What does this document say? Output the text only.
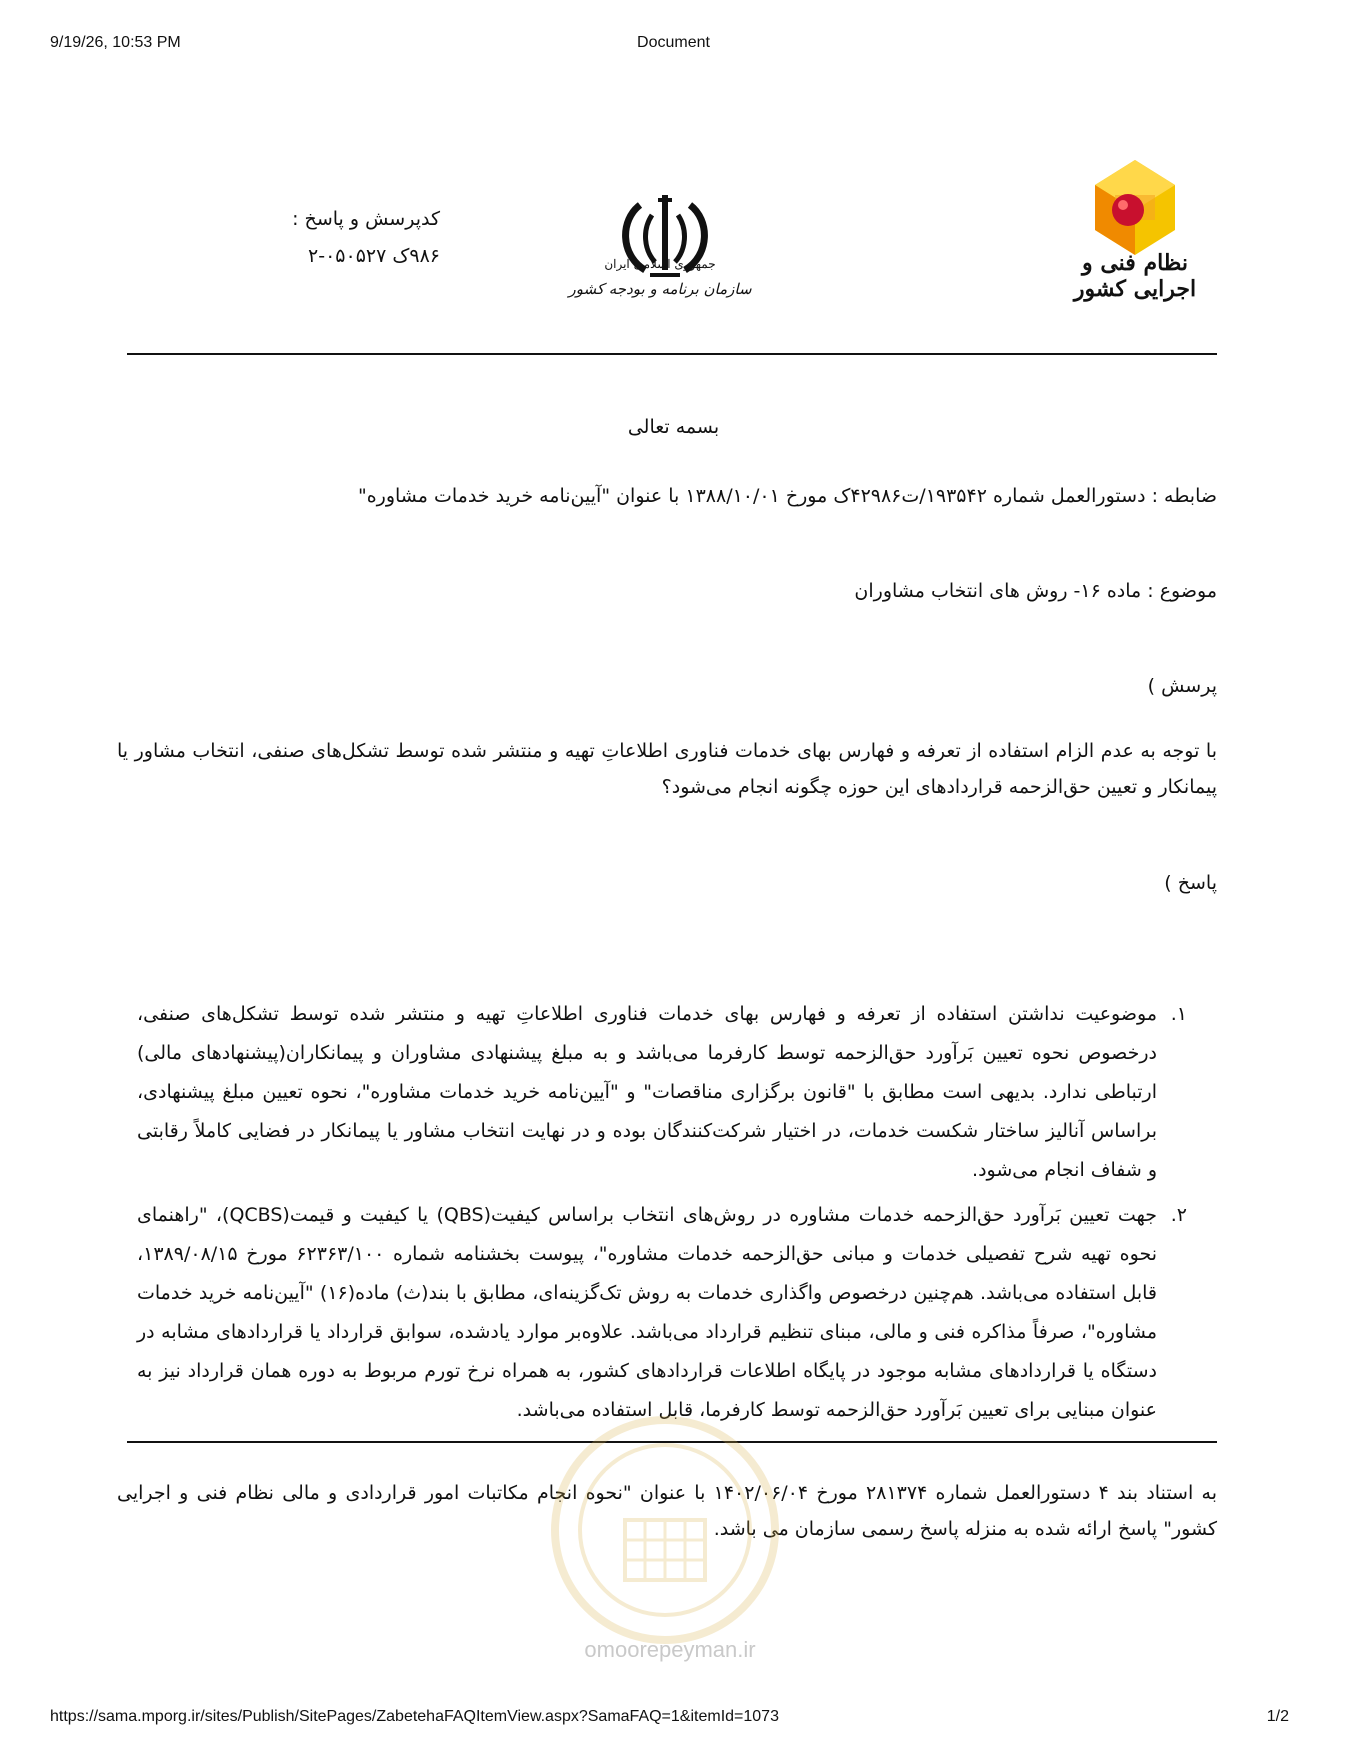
9/19/26, 10:53 PM	Document
https://sama.mporg.ir/sites/Publish/SitePages/ZabetehaFAQItemView.aspx?SamaFAQ=1&itemId=1073	1/2
نظام فنی و اجرایی کشور
جمهوری اسلامی ایران
سازمان برنامه و بودجه کشور
کدپرسش و پاسخ :
۹۸۶ک ۰۵۰۵۲۷-۲
بسمه تعالی
ضابطه : دستورالعمل شماره ۱۹۳۵۴۲/ت۴۲۹۸۶ک مورخ ۱۳۸۸/۱۰/۰۱ با عنوان "آیین‌نامه خرید خدمات مشاوره"
موضوع : ماده ۱۶- روش های انتخاب مشاوران
پرسش )
با توجه به عدم الزام استفاده از تعرفه و فهارس بهای خدمات فناوری اطلاعاتِ تهیه و منتشر شده توسط تشکل‌های صنفی، انتخاب مشاور یا پیمانکار و تعیین حق‌الزحمه قراردادهای این حوزه چگونه انجام می‌شود؟
پاسخ )
۱.
موضوعیت نداشتن استفاده از تعرفه و فهارس بهای خدمات فناوری اطلاعاتِ تهیه و منتشر شده توسط تشکل‌های صنفی، درخصوص نحوه تعیین بَرآورد حق‌الزحمه توسط کارفرما می‌باشد و به مبلغ پیشنهادی مشاوران و پیمانکاران(پیشنهادهای مالی) ارتباطی ندارد. بدیهی است مطابق با "قانون برگزاری مناقصات" و "آیین‌نامه خرید خدمات مشاوره"، نحوه تعیین مبلغ پیشنهادی، براساس آنالیز ساختار شکست خدمات، در اختیار شرکت‌کنندگان بوده و در نهایت انتخاب مشاور یا پیمانکار در فضایی کاملاً رقابتی و شفاف انجام می‌شود.
۲.
جهت تعیین بَرآورد حق‌الزحمه خدمات مشاوره در روش‌های انتخاب براساس کیفیت(QBS) یا کیفیت و قیمت(QCBS)، "راهنمای نحوه تهیه شرح تفصیلی خدمات و مبانی حق‌الزحمه خدمات مشاوره"، پیوست بخشنامه شماره ۶۲۳۶۳/۱۰۰ مورخ ۱۳۸۹/۰۸/۱۵، قابل استفاده می‌باشد. هم‌چنین درخصوص واگذاری خدمات به روش تک‌گزینه‌ای، مطابق با بند(ث) ماده(۱۶) "آیین‌نامه خرید خدمات مشاوره"، صرفاً مذاکره فنی و مالی، مبنای تنظیم قرارداد می‌باشد. علاوه‌بر موارد یادشده، سوابق قرارداد یا قراردادهای مشابه در دستگاه یا قراردادهای مشابه موجود در پایگاه اطلاعات قراردادهای کشور، به همراه نرخ تورم مربوط به دوره همان قرارداد نیز به عنوان مبنایی برای تعیین بَرآورد حق‌الزحمه توسط کارفرما، قابل استفاده می‌باشد.
به استناد بند ۴ دستورالعمل شماره ۲۸۱۳۷۴ مورخ ۱۴۰۲/۰۶/۰۴ با عنوان "نحوه انجام مکاتبات امور قراردادی و مالی نظام فنی و اجرایی کشور" پاسخ ارائه شده به منزله پاسخ رسمی سازمان می باشد.
omoorepeyman.ir
